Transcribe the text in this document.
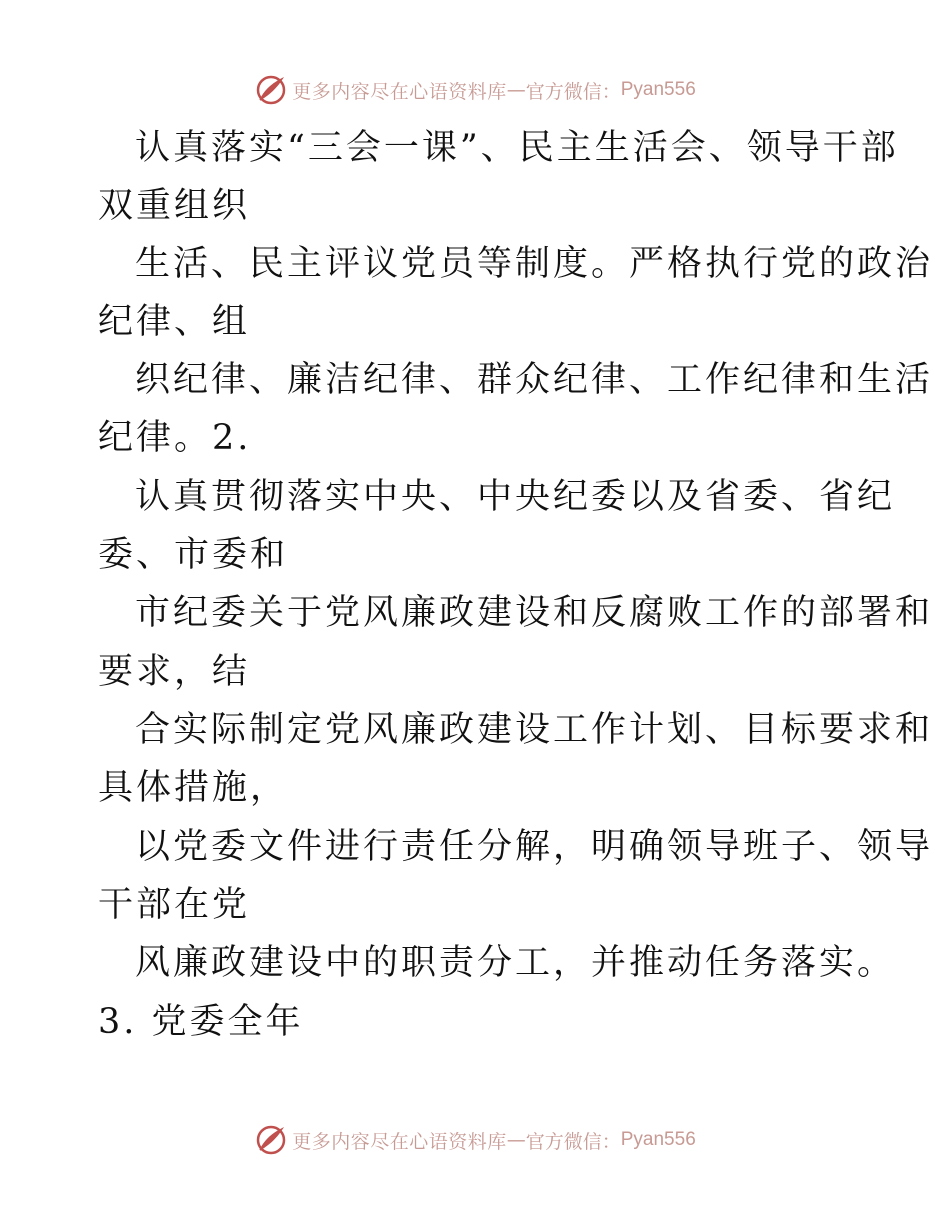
更多内容尽在心语资料库 — 官方微信： Pyan556
认真落实“三会一课”、民主生活会、领导干部
双重组织
生活、民主评议党员等制度。严格执行党的政治
纪律、组
织纪律、廉洁纪律、群众纪律、工作纪律和生活
纪律。2.
认真贯彻落实中央、中央纪委以及省委、省纪
委、市委和
市纪委关于党风廉政建设和反腐败工作的部署和
要求，结
合实际制定党风廉政建设工作计划、目标要求和
具体措施，
以党委文件进行责任分解，明确领导班子、领导
干部在党
风廉政建设中的职责分工，并推动任务落实。
3. 党委全年
更多内容尽在心语资料库 — 官方微信： Pyan556
